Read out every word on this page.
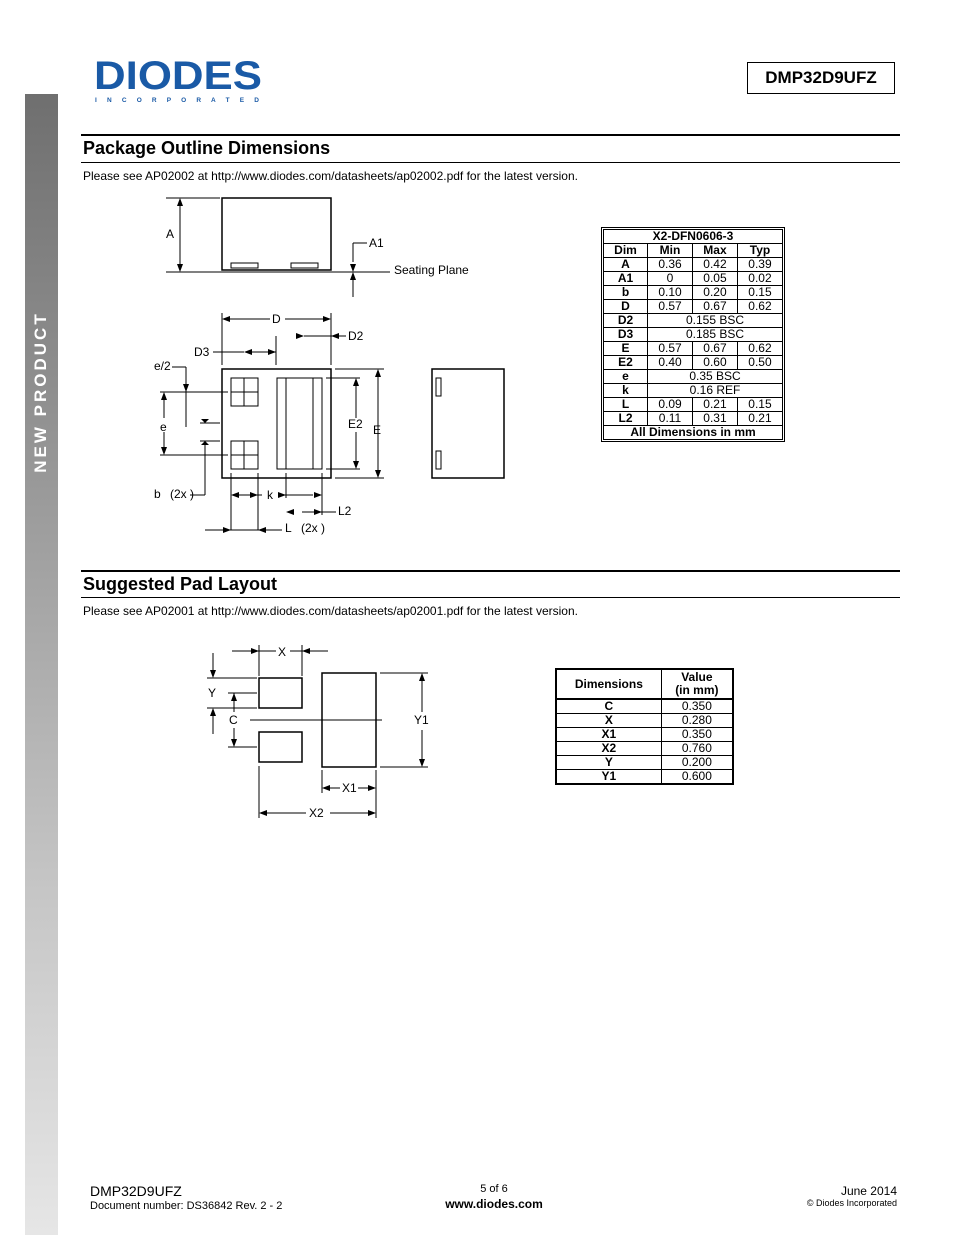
NEW PRODUCT
DIODES
I N C O R P O R A T E D
DMP32D9UFZ
Package Outline Dimensions
Please see AP02002 at http://www.diodes.com/datasheets/ap02002.pdf for the latest version.
A
A1
Seating Plane
D
D2
D3
e/2
e	E2 E
b (2x )	k
L2
L (2x )
X2-DFN0606-3			
Dim	Min	Max	Typ
A	0.36	0.42	0.39
A1	0	0.05	0.02
b	0.10	0.20	0.15
D	0.57	0.67	0.62
D2	0.155 BSC		
D3	0.185 BSC		
E	0.57	0.67	0.62
E2	0.40	0.60	0.50
e	0.35 BSC		
k	0.16 REF		
L	0.09	0.21	0.15
L2	0.11	0.31	0.21
All Dimensions in mm			
Suggested Pad Layout
Please see AP02001 at http://www.diodes.com/datasheets/ap02001.pdf for the latest version.
X
Y
C	Y1
X1
X2
Dimensions	Value
(in mm)
C	0.350
X	0.280
X1	0.350
X2	0.760
Y	0.200
Y1	0.600
DMP32D9UFZ
Document number: DS36842 Rev. 2 - 2
5 of 6
www.diodes.com
June 2014
© Diodes Incorporated
